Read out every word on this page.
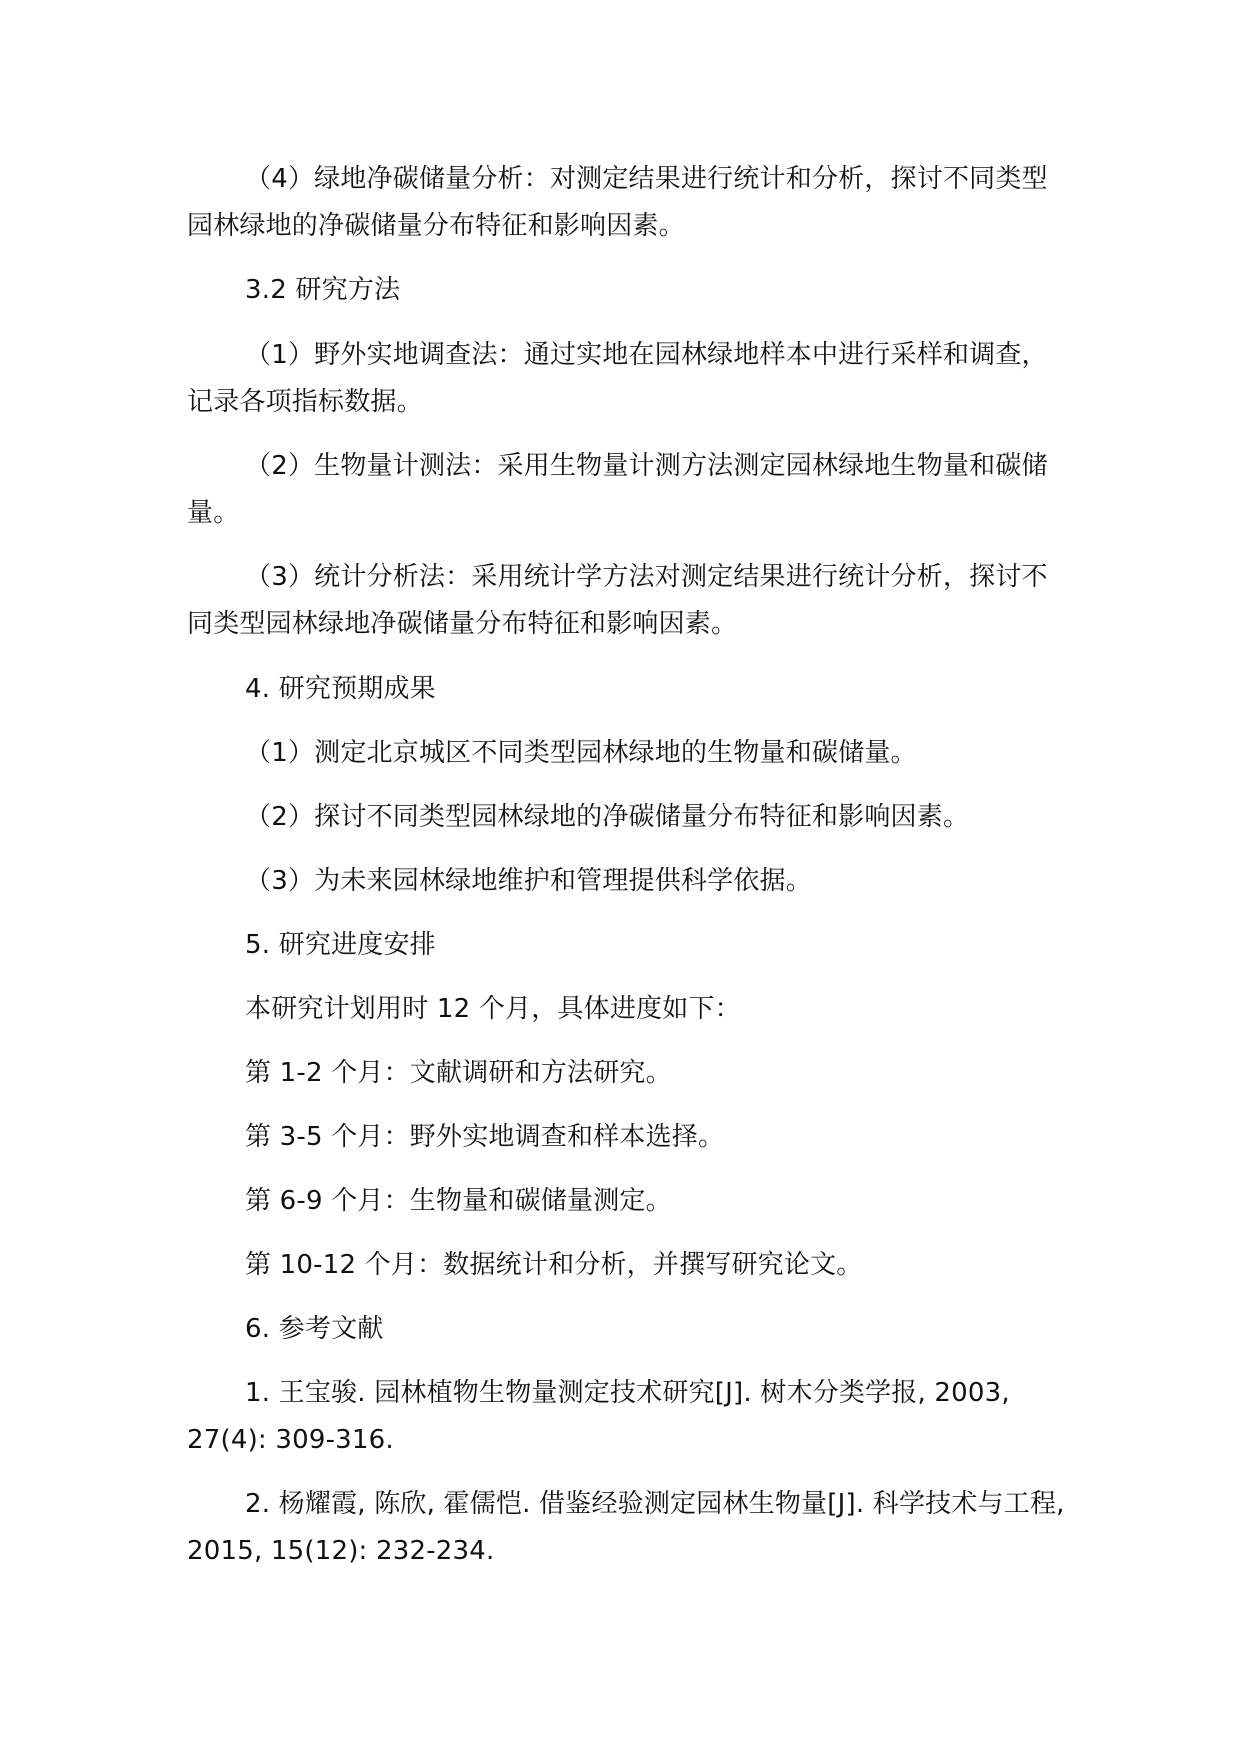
（4）绿地净碳储量分析：对测定结果进行统计和分析，探讨不同类型园林绿地的净碳储量分布特征和影响因素。

3.2 研究方法

（1）野外实地调查法：通过实地在园林绿地样本中进行采样和调查，记录各项指标数据。

（2）生物量计测法：采用生物量计测方法测定园林绿地生物量和碳储量。

（3）统计分析法：采用统计学方法对测定结果进行统计分析，探讨不同类型园林绿地净碳储量分布特征和影响因素。

4. 研究预期成果

（1）测定北京城区不同类型园林绿地的生物量和碳储量。

（2）探讨不同类型园林绿地的净碳储量分布特征和影响因素。

（3）为未来园林绿地维护和管理提供科学依据。

5. 研究进度安排

本研究计划用时 12 个月，具体进度如下：

第 1-2 个月：文献调研和方法研究。

第 3-5 个月：野外实地调查和样本选择。

第 6-9 个月：生物量和碳储量测定。

第 10-12 个月：数据统计和分析，并撰写研究论文。

6. 参考文献

1. 王宝骏. 园林植物生物量测定技术研究[J]. 树木分类学报, 2003, 27(4): 309-316.

2. 杨耀霞, 陈欣, 霍儒恺. 借鉴经验测定园林生物量[J]. 科学技术与工程, 2015, 15(12): 232-234.
